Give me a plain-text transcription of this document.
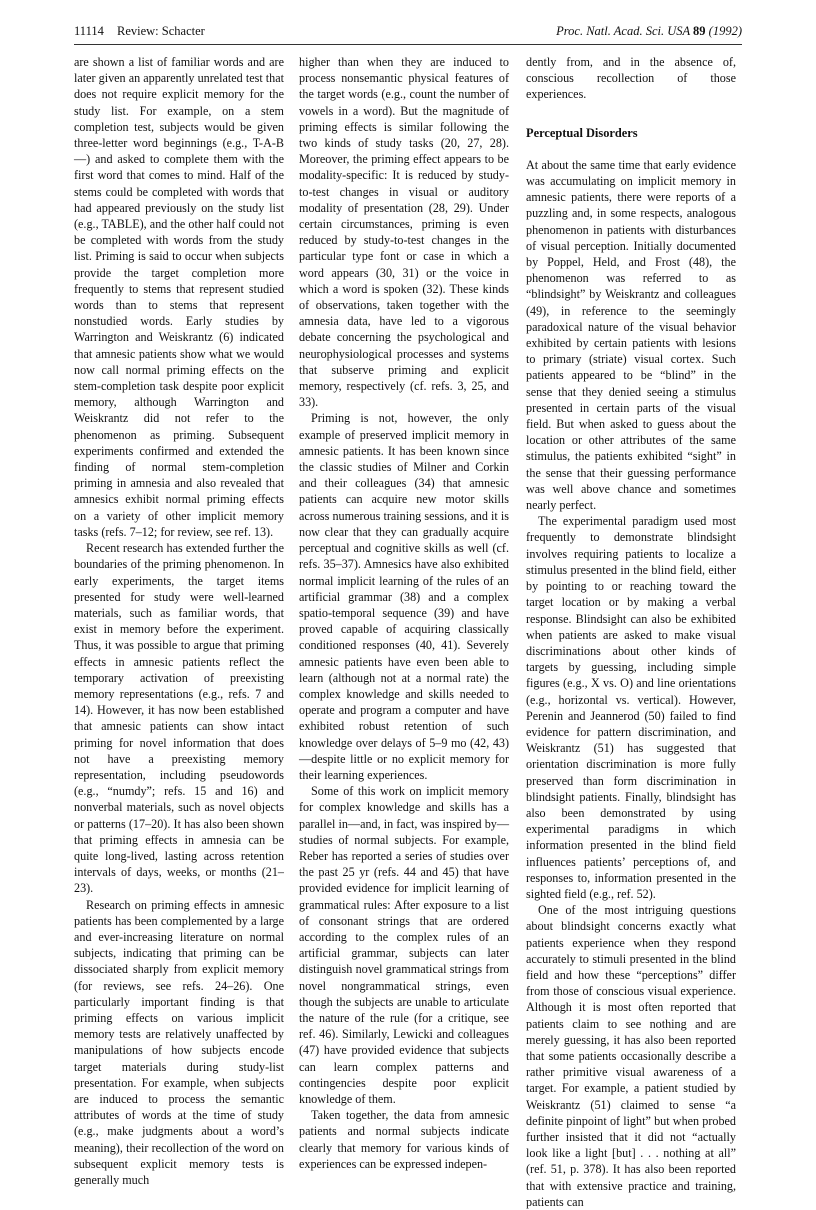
11114 Review: Schacter	Proc. Natl. Acad. Sci. USA 89 (1992)

are shown a list of familiar words and are later given an apparently unrelated test that does not require explicit memory for the study list. For example, on a stem completion test, subjects would be given three-letter word beginnings (e.g., T-A-B—) and asked to complete them with the first word that comes to mind. Half of the stems could be completed with words that had appeared previously on the study list (e.g., TABLE), and the other half could not be completed with words from the study list. Priming is said to occur when subjects provide the target completion more frequently to stems that represent studied words than to stems that represent nonstudied words. Early studies by Warrington and Weiskrantz (6) indicated that amnesic patients show what we would now call normal priming effects on the stem-completion task despite poor explicit memory, although Warrington and Weiskrantz did not refer to the phenomenon as priming. Subsequent experiments confirmed and extended the finding of normal stem-completion priming in amnesia and also revealed that amnesics exhibit normal priming effects on a variety of other implicit memory tasks (refs. 7–12; for review, see ref. 13).

Recent research has extended further the boundaries of the priming phenomenon. In early experiments, the target items presented for study were well-learned materials, such as familiar words, that exist in memory before the experiment. Thus, it was possible to argue that priming effects in amnesic patients reflect the temporary activation of preexisting memory representations (e.g., refs. 7 and 14). However, it has now been established that amnesic patients can show intact priming for novel information that does not have a preexisting memory representation, including pseudowords (e.g., “numdy”; refs. 15 and 16) and nonverbal materials, such as novel objects or patterns (17–20). It has also been shown that priming effects in amnesia can be quite long-lived, lasting across retention intervals of days, weeks, or months (21–23).

Research on priming effects in amnesic patients has been complemented by a large and ever-increasing literature on normal subjects, indicating that priming can be dissociated sharply from explicit memory (for reviews, see refs. 24–26). One particularly important finding is that priming effects on various implicit memory tests are relatively unaffected by manipulations of how subjects encode target materials during study-list presentation. For example, when subjects are induced to process the semantic attributes of words at the time of study (e.g., make judgments about a word’s meaning), their recollection of the word on subsequent explicit memory tests is generally much

higher than when they are induced to process nonsemantic physical features of the target words (e.g., count the number of vowels in a word). But the magnitude of priming effects is similar following the two kinds of study tasks (20, 27, 28). Moreover, the priming effect appears to be modality-specific: It is reduced by study-to-test changes in visual or auditory modality of presentation (28, 29). Under certain circumstances, priming is even reduced by study-to-test changes in the particular type font or case in which a word appears (30, 31) or the voice in which a word is spoken (32). These kinds of observations, taken together with the amnesia data, have led to a vigorous debate concerning the psychological and neurophysiological processes and systems that subserve priming and explicit memory, respectively (cf. refs. 3, 25, and 33).

Priming is not, however, the only example of preserved implicit memory in amnesic patients. It has been known since the classic studies of Milner and Corkin and their colleagues (34) that amnesic patients can acquire new motor skills across numerous training sessions, and it is now clear that they can gradually acquire perceptual and cognitive skills as well (cf. refs. 35–37). Amnesics have also exhibited normal implicit learning of the rules of an artificial grammar (38) and a complex spatio-temporal sequence (39) and have proved capable of acquiring classically conditioned responses (40, 41). Severely amnesic patients have even been able to learn (although not at a normal rate) the complex knowledge and skills needed to operate and program a computer and have exhibited robust retention of such knowledge over delays of 5–9 mo (42, 43)—despite little or no explicit memory for their learning experiences.

Some of this work on implicit memory for complex knowledge and skills has a parallel in—and, in fact, was inspired by—studies of normal subjects. For example, Reber has reported a series of studies over the past 25 yr (refs. 44 and 45) that have provided evidence for implicit learning of grammatical rules: After exposure to a list of consonant strings that are ordered according to the complex rules of an artificial grammar, subjects can later distinguish novel grammatical strings from novel nongrammatical strings, even though the subjects are unable to articulate the nature of the rule (for a critique, see ref. 46). Similarly, Lewicki and colleagues (47) have provided evidence that subjects can learn complex patterns and contingencies despite poor explicit knowledge of them.

Taken together, the data from amnesic patients and normal subjects indicate clearly that memory for various kinds of experiences can be expressed indepen-

dently from, and in the absence of, conscious recollection of those experiences.

Perceptual Disorders

At about the same time that early evidence was accumulating on implicit memory in amnesic patients, there were reports of a puzzling and, in some respects, analogous phenomenon in patients with disturbances of visual perception. Initially documented by Poppel, Held, and Frost (48), the phenomenon was referred to as “blindsight” by Weiskrantz and colleagues (49), in reference to the seemingly paradoxical nature of the visual behavior exhibited by certain patients with lesions to primary (striate) visual cortex. Such patients appeared to be “blind” in the sense that they denied seeing a stimulus presented in certain parts of the visual field. But when asked to guess about the location or other attributes of the same stimulus, the patients exhibited “sight” in the sense that their guessing performance was well above chance and sometimes nearly perfect.

The experimental paradigm used most frequently to demonstrate blindsight involves requiring patients to localize a stimulus presented in the blind field, either by pointing to or reaching toward the target location or by making a verbal response. Blindsight can also be exhibited when patients are asked to make visual discriminations about other kinds of targets by guessing, including simple figures (e.g., X vs. O) and line orientations (e.g., horizontal vs. vertical). However, Perenin and Jeannerod (50) failed to find evidence for pattern discrimination, and Weiskrantz (51) has suggested that orientation discrimination is more fully preserved than form discrimination in blindsight patients. Finally, blindsight has also been demonstrated by using experimental paradigms in which information presented in the blind field influences patients’ perceptions of, and responses to, information presented in the sighted field (e.g., ref. 52).

One of the most intriguing questions about blindsight concerns exactly what patients experience when they respond accurately to stimuli presented in the blind field and how these “perceptions” differ from those of conscious visual experience. Although it is most often reported that patients claim to see nothing and are merely guessing, it has also been reported that some patients occasionally describe a rather primitive visual awareness of a target. For example, a patient studied by Weiskrantz (51) claimed to sense “a definite pinpoint of light” but when probed further insisted that it did not “actually look like a light [but] . . . nothing at all” (ref. 51, p. 378). It has also been reported that with extensive practice and training, patients can
